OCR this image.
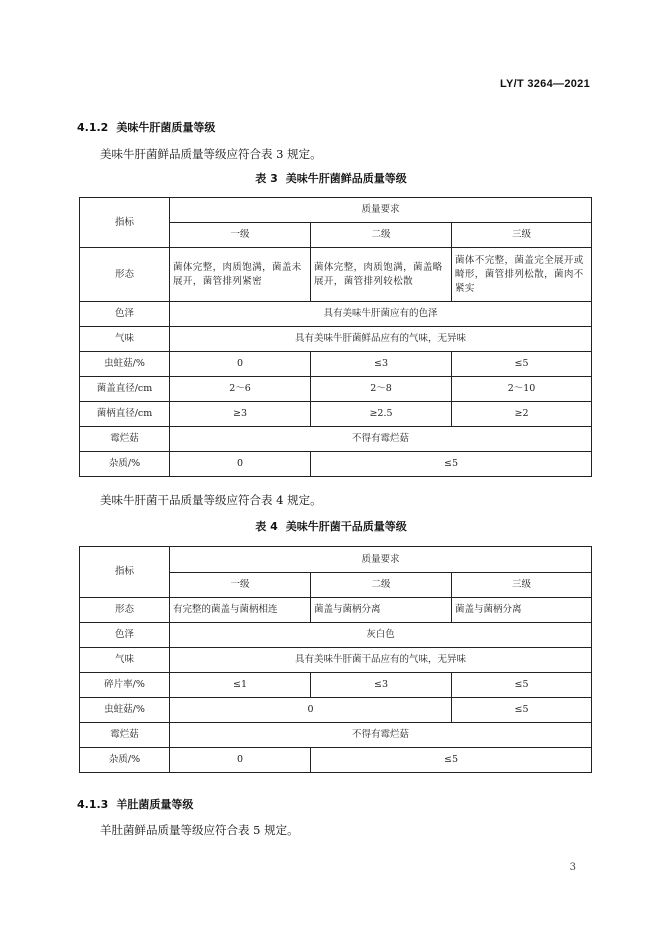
LY/T 3264—2021
4.1.2 美味牛肝菌质量等级
美味牛肝菌鲜品质量等级应符合表 3 规定。
表 3 美味牛肝菌鲜品质量等级
指标	质量要求		
	一级	二级	三级
形态	菌体完整，肉质饱满，菌盖未展开，菌管排列紧密	菌体完整，肉质饱满，菌盖略展开，菌管排列较松散	菌体不完整，菌盖完全展开或畸形，菌管排列松散，菌肉不紧实
色泽	具有美味牛肝菌应有的色泽		
气味	具有美味牛肝菌鲜品应有的气味，无异味		
虫蛀菇/%	0	≤3	≤5
菌盖直径/cm	2～6	2～8	2～10
菌柄直径/cm	≥3	≥2.5	≥2
霉烂菇	不得有霉烂菇		
杂质/%	0	≤5	
美味牛肝菌干品质量等级应符合表 4 规定。
表 4 美味牛肝菌干品质量等级
指标	质量要求		
	一级	二级	三级
形态	有完整的菌盖与菌柄相连	菌盖与菌柄分离	菌盖与菌柄分离
色泽	灰白色		
气味	具有美味牛肝菌干品应有的气味，无异味		
碎片率/%	≤1	≤3	≤5
虫蛀菇/%	0		≤5
霉烂菇	不得有霉烂菇		
杂质/%	0	≤5	
4.1.3 羊肚菌质量等级
羊肚菌鲜品质量等级应符合表 5 规定。
3
